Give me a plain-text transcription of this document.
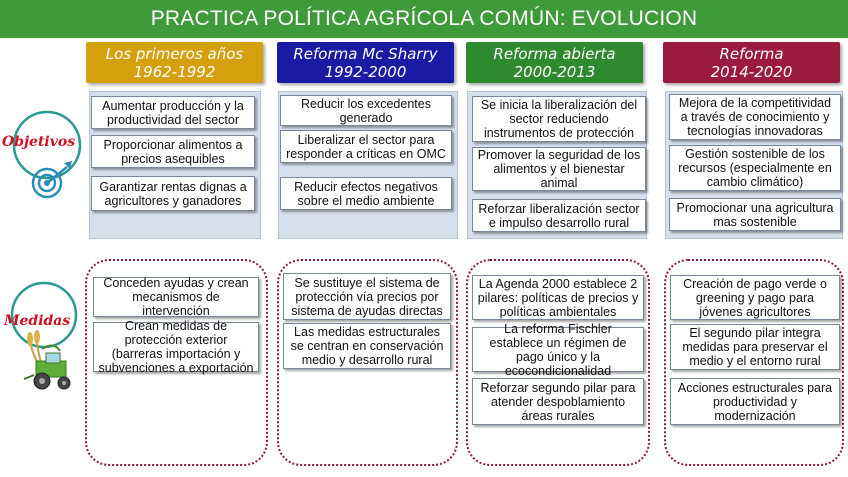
PRACTICA POLÍTICA AGRÍCOLA COMÚN: EVOLUCION
Los primeros años
1962-1992
Reforma Mc Sharry
1992-2000
Reforma abierta
2000-2013
Reforma
2014-2020
Objetivos
Medidas
Aumentar producción y la productividad del sector
Proporcionar alimentos a precios asequibles
Garantizar rentas dignas a agricultores y ganadores
Reducir los excedentes generado
Liberalizar el sector para responder a críticas en OMC
Reducir efectos negativos sobre el medio ambiente
Se inicia la liberalización del sector reduciendo instrumentos de protección
Promover la seguridad de los alimentos y el bienestar animal
Reforzar liberalización sector e impulso desarrollo rural
Mejora de la competitividad a través de conocimiento y tecnologías innovadoras
Gestión sostenible de los recursos (especialmente en cambio climático)
Promocionar una agricultura mas sostenible
Conceden ayudas y crean mecanismos de intervención
Crean medidas de protección exterior (barreras importación y subvenciones a exportación
Se sustituye el sistema de protección vía precios por sistema de ayudas directas
Las medidas estructurales se centran en conservación medio y desarrollo rural
La Agenda 2000 establece 2 pilares: políticas de precios y políticas ambientales
La reforma Fischler establece un régimen de pago único y la ecocondicionalidad
Reforzar segundo pilar para atender despoblamiento áreas rurales
Creación de pago verde o greening y pago para jóvenes agricultores
El segundo pilar integra medidas para preservar el medio y el entorno rural
Acciones estructurales para productividad y modernización
